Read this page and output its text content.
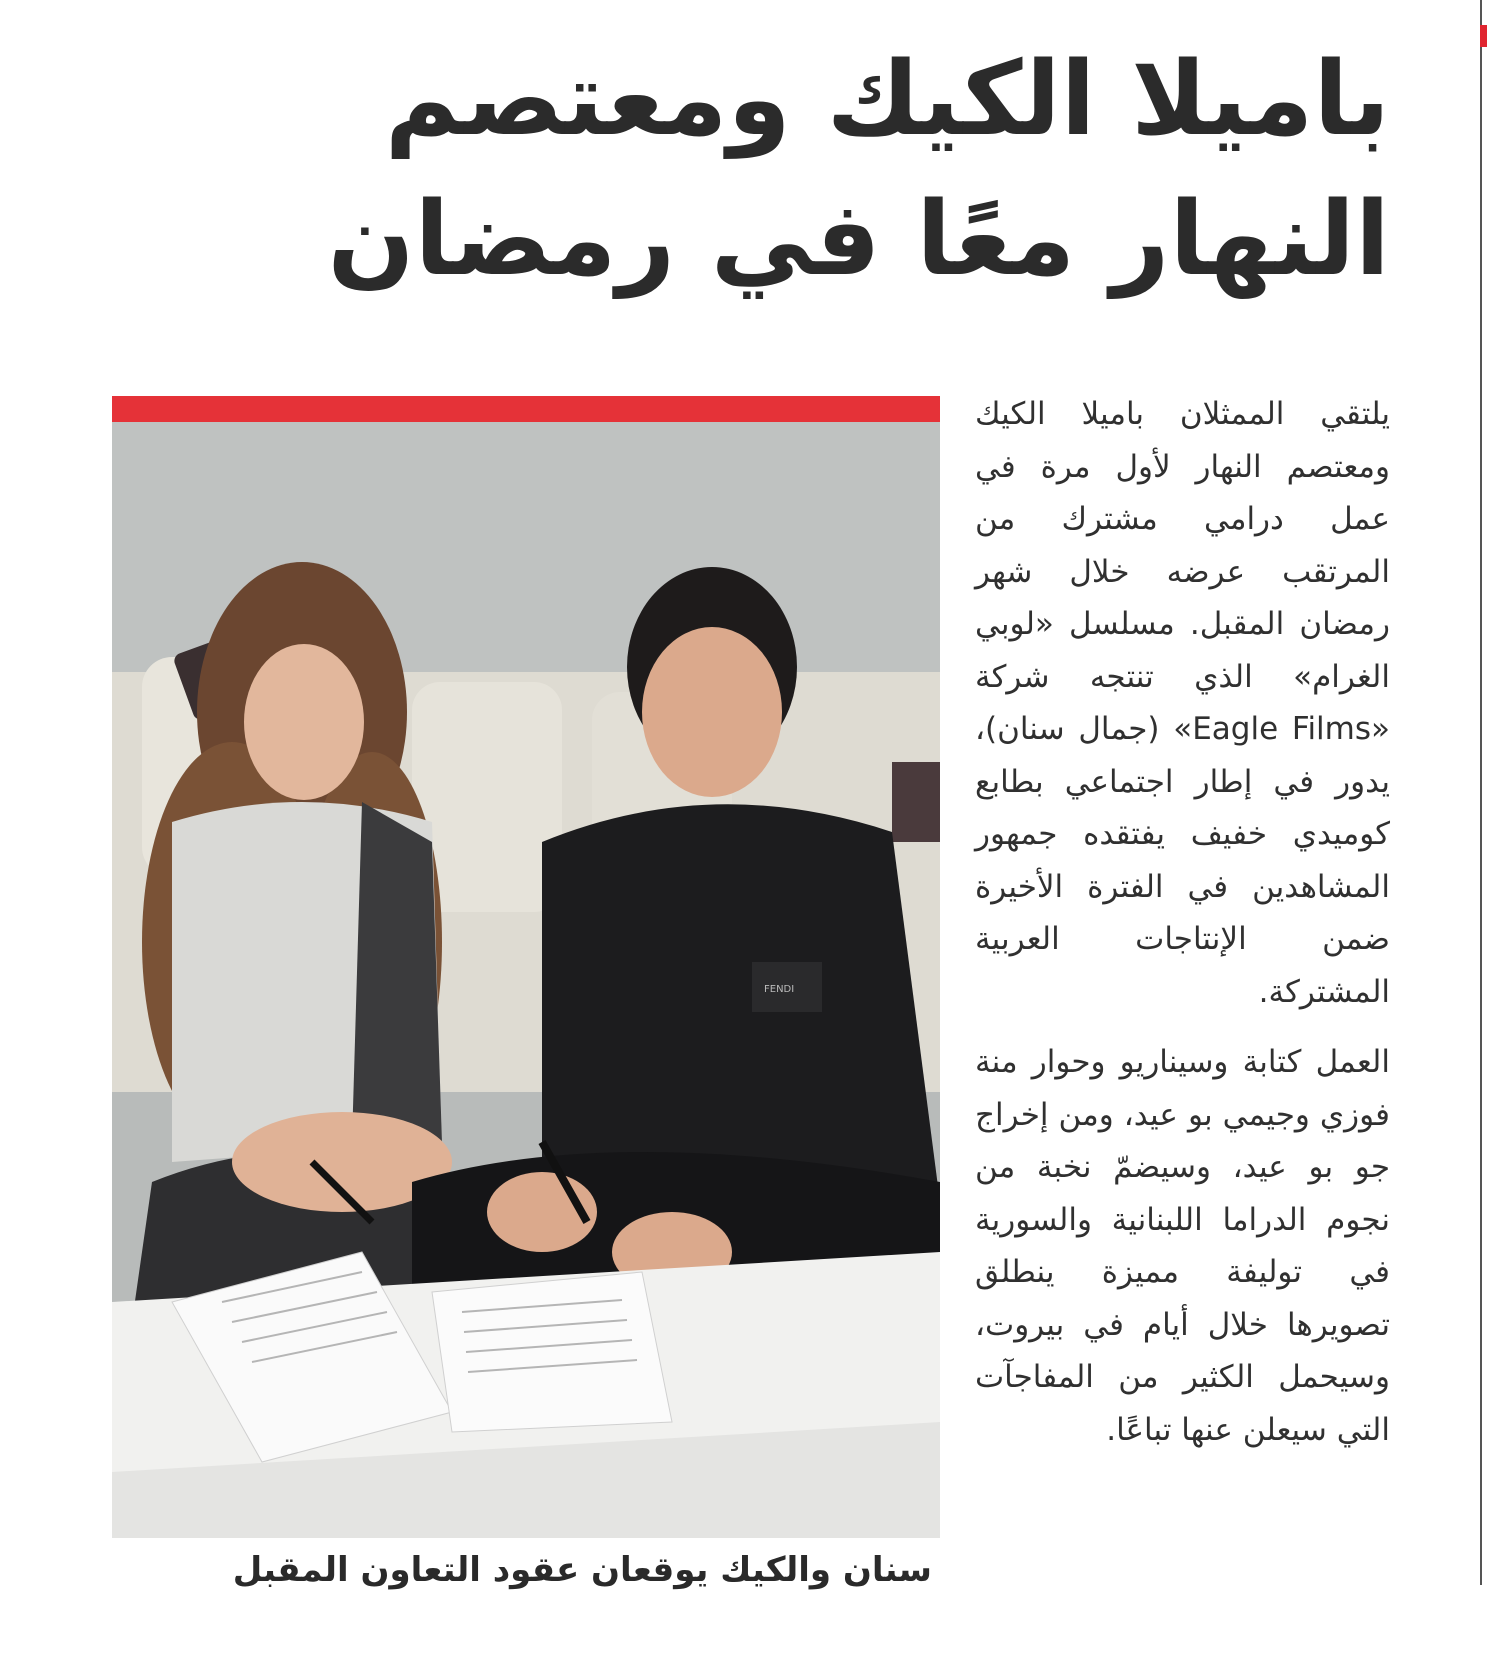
باميلا الكيك ومعتصم
النهار معًا في رمضان
FENDI
سنان والكيك يوقعان عقود التعاون المقبل

يلتقي الممثلان باميلا الكيك ومعتصم النهار لأول مرة في عمل درامي مشترك من المرتقب عرضه خلال شهر رمضان المقبل. مسلسل «لوبي الغرام» الذي تنتجه شركة «Eagle Films» (جمال سنان)، يدور في إطار اجتماعي بطابع كوميدي خفيف يفتقده جمهور المشاهدين في الفترة الأخيرة ضمن الإنتاجات العربية المشتركة.

العمل كتابة وسيناريو وحوار منة فوزي وجيمي بو عيد، ومن إخراج جو بو عيد، وسيضمّ نخبة من نجوم الدراما اللبنانية والسورية في توليفة مميزة ينطلق تصويرها خلال أيام في بيروت، وسيحمل الكثير من المفاجآت التي سيعلن عنها تباعًا.
